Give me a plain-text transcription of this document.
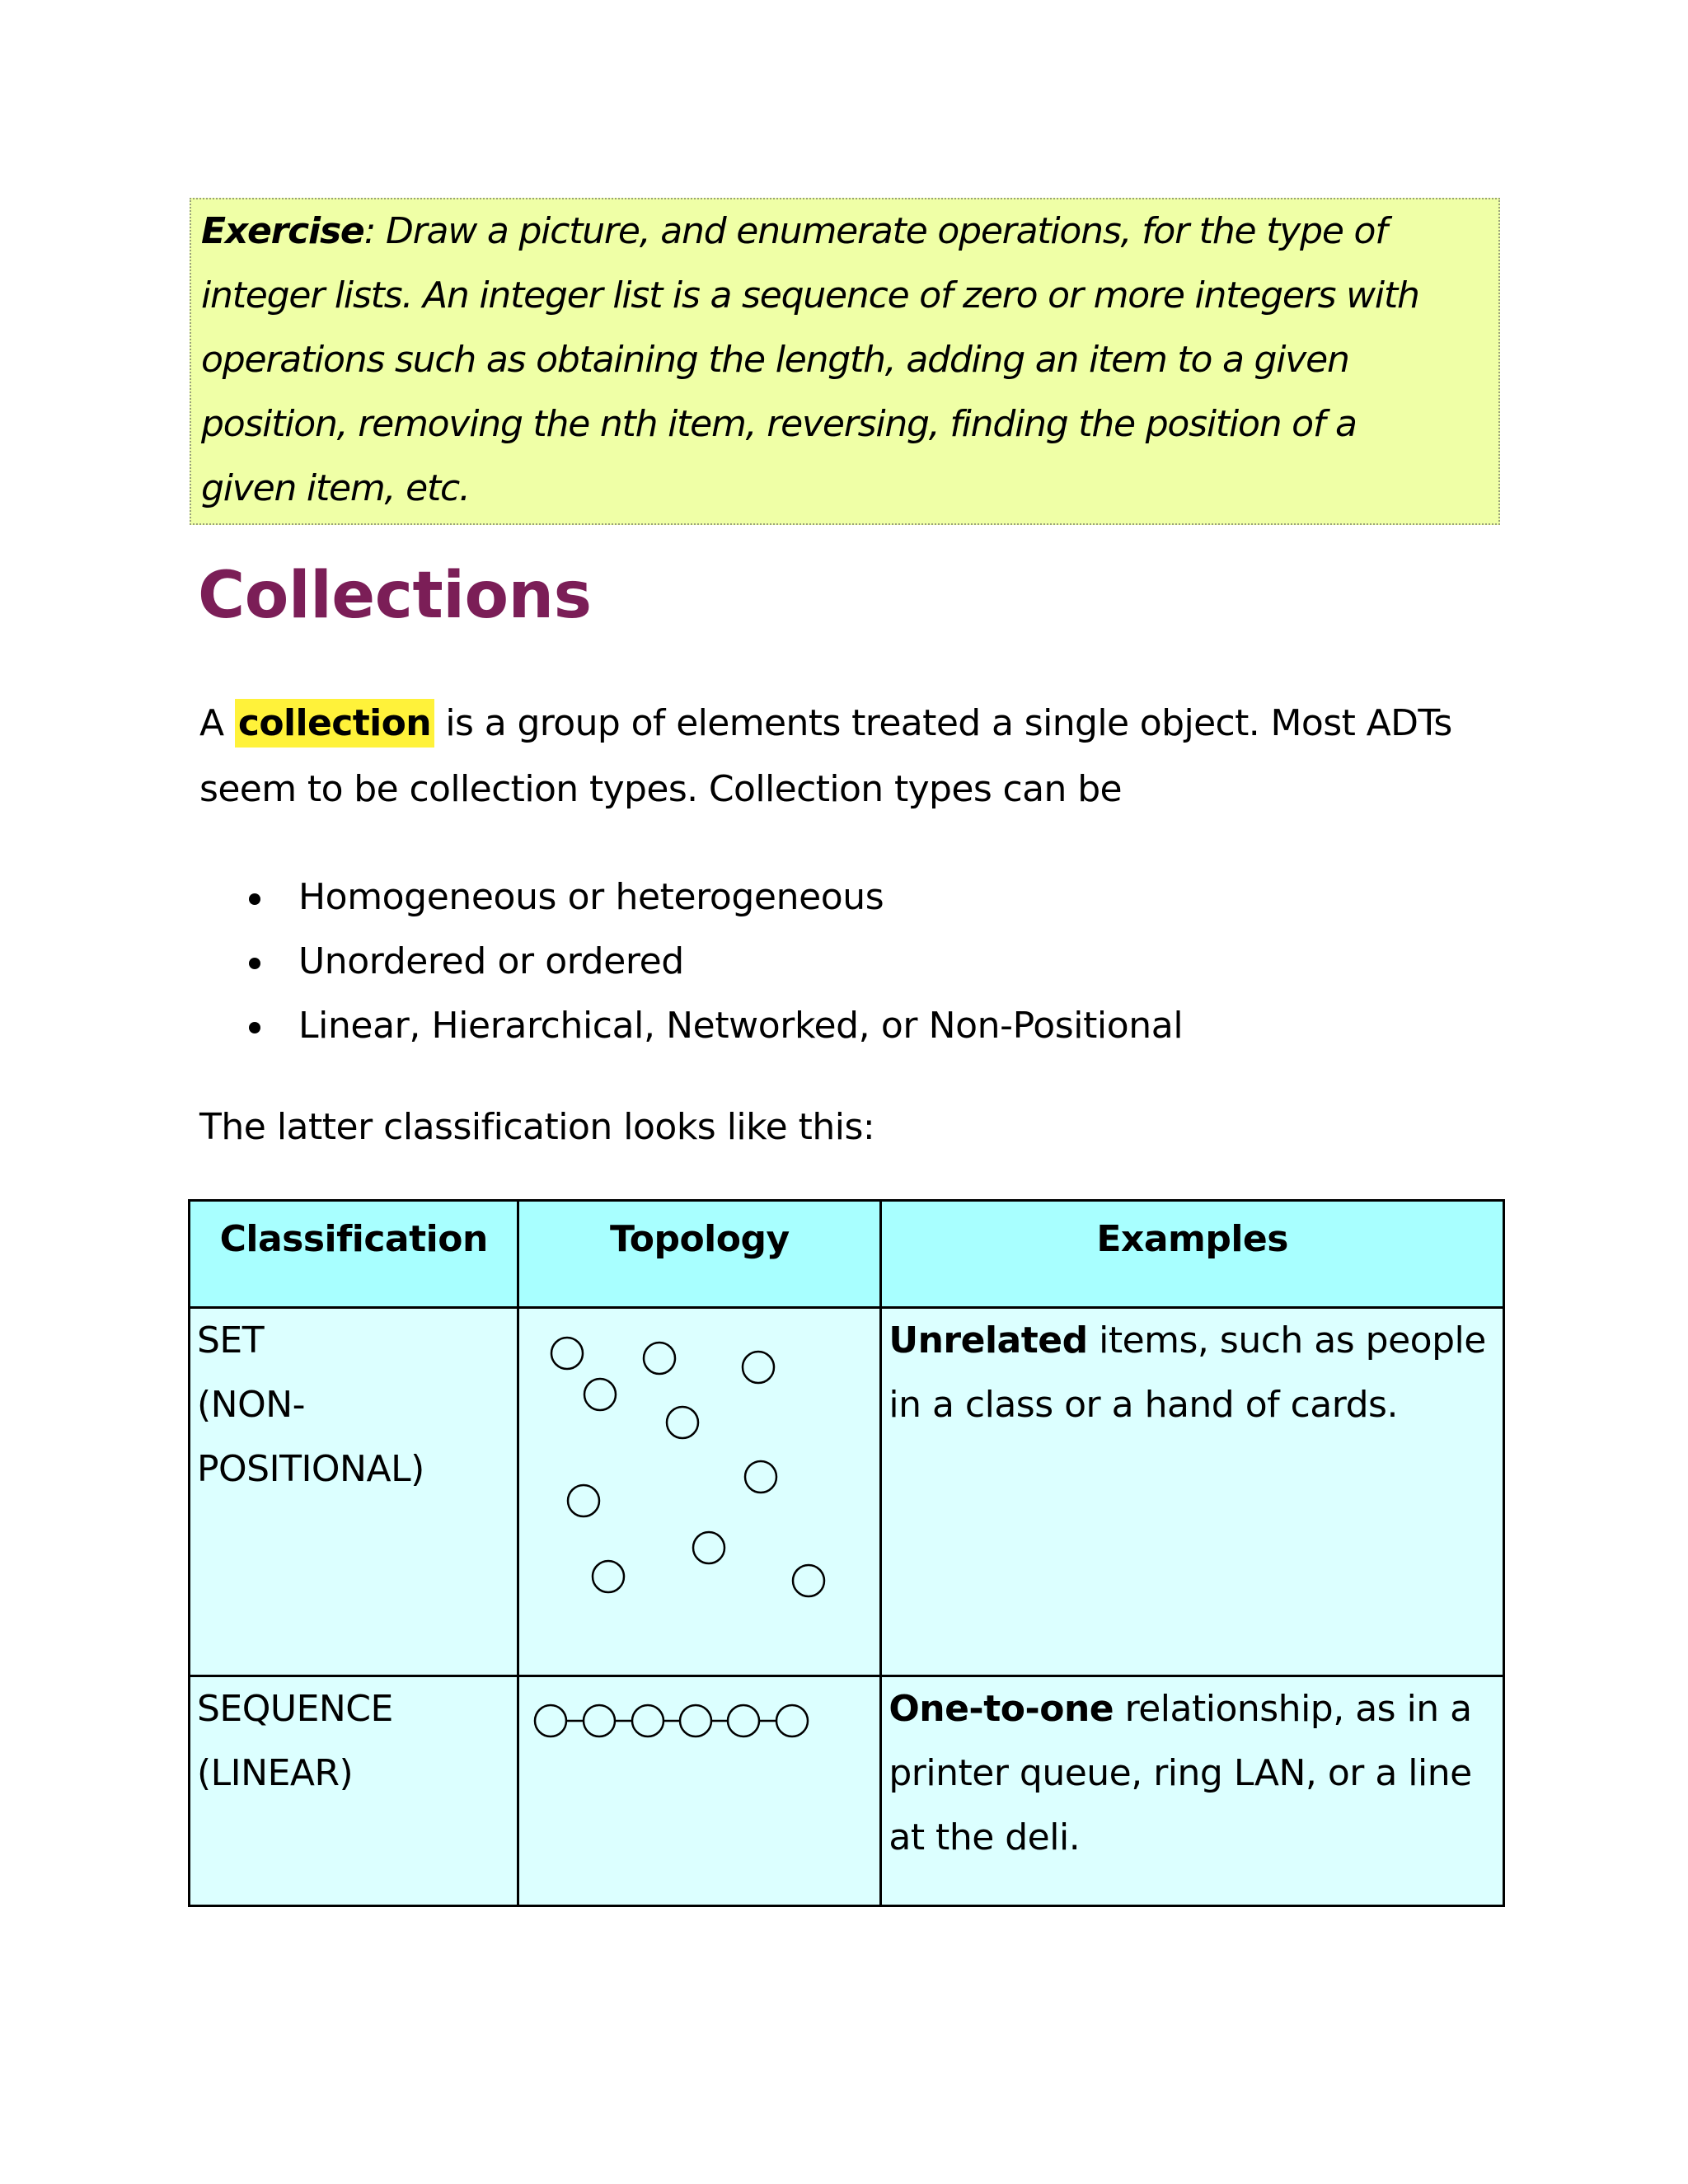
Exercise: Draw a picture, and enumerate operations, for the type of
integer lists. An integer list is a sequence of zero or more integers with
operations such as obtaining the length, adding an item to a given
position, removing the nth item, reversing, finding the position of a
given item, etc.

Collections

A collection is a group of elements treated a single object. Most ADTs
seem to be collection types. Collection types can be

Homogeneous or heterogeneous
Unordered or ordered
Linear, Hierarchical, Networked, or Non-Positional

The latter classification looks like this:

Classification	Topology	Examples
SET
(NON-
POSITIONAL)		Unrelated items, such as people in a class or a hand of cards.
SEQUENCE
(LINEAR)		One-to-one relationship, as in a printer queue, ring LAN, or a line at the deli.
